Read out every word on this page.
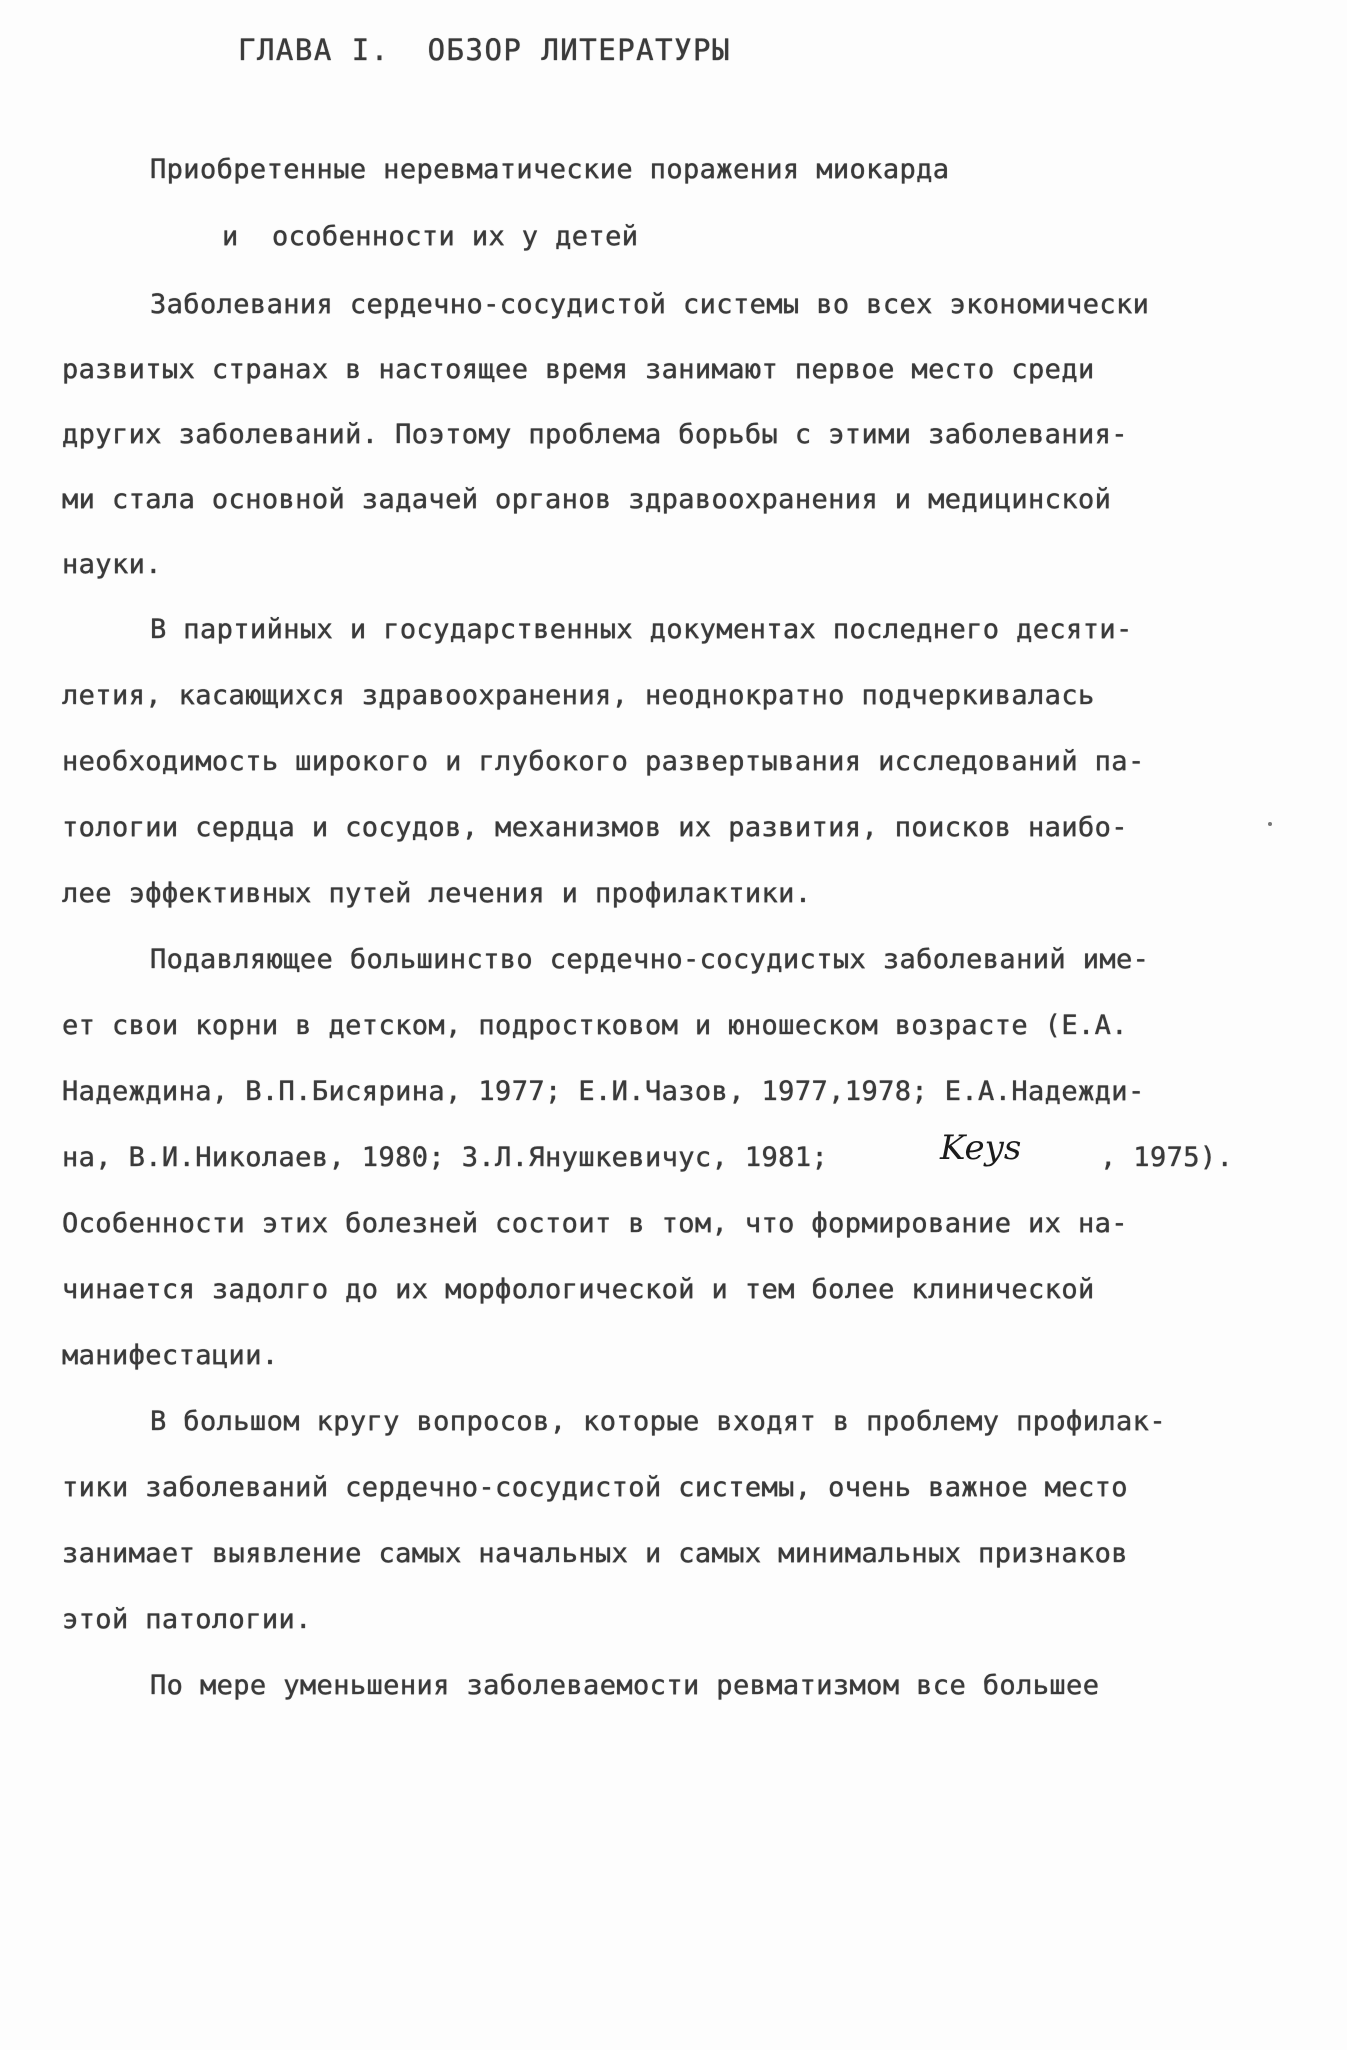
ГЛАВА I.  ОБЗОР ЛИТЕРАТУРЫ
Приобретенные неревматические поражения миокарда
и  особенности их у детей
Заболевания сердечно-сосудистой системы во всех экономически
развитых странах в настоящее время занимают первое место среди
других заболеваний. Поэтому проблема борьбы с этими заболевания-
ми стала основной задачей органов здравоохранения и медицинской
науки.
В партийных и государственных документах последнего десяти-
летия, касающихся здравоохранения, неоднократно подчеркивалась
необходимость широкого и глубокого развертывания исследований па-
тологии сердца и сосудов, механизмов их развития, поисков наибо-
лее эффективных путей лечения и профилактики.
Подавляющее большинство сердечно-сосудистых заболеваний име-
ет свои корни в детском, подростковом и юношеском возрасте (Е.А.
Надеждина, В.П.Бисярина, 1977; Е.И.Чазов, 1977,1978; Е.А.Надежди-
на, В.И.Николаев, 1980; З.Л.Янушкевичус, 1981;	Keys	, 1975).
Особенности этих болезней состоит в том, что формирование их на-
чинается задолго до их морфологической и тем более клинической
манифестации.
В большом кругу вопросов, которые входят в проблему профилак-
тики заболеваний сердечно-сосудистой системы, очень важное место
занимает выявление самых начальных и самых минимальных признаков
этой патологии.
По мере уменьшения заболеваемости ревматизмом все большее
